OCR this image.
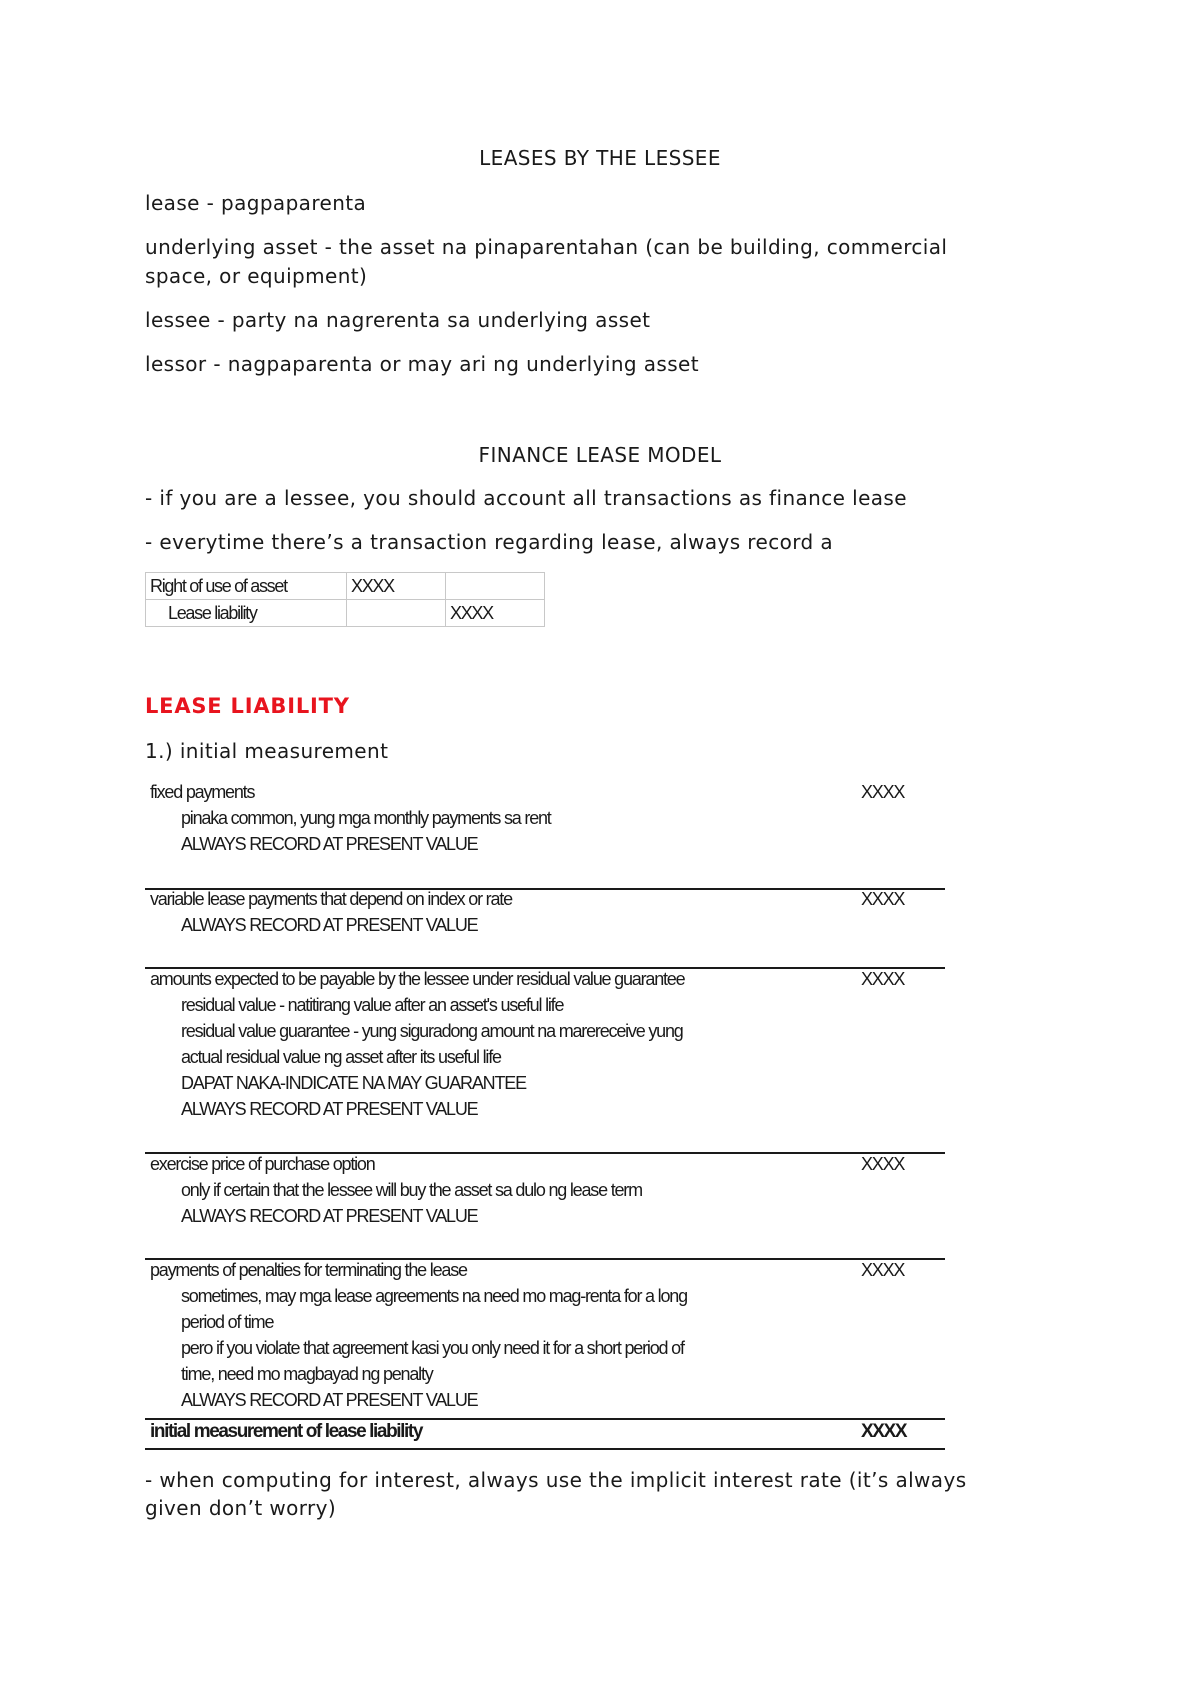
LEASES BY THE LESSEE
lease - pagpaparenta
underlying asset - the asset na pinaparentahan (can be building, commercial
space, or equipment)
lessee - party na nagrerenta sa underlying asset
lessor - nagpaparenta or may ari ng underlying asset
FINANCE LEASE MODEL
- if you are a lessee, you should account all transactions as finance lease
- everytime there’s a transaction regarding lease, always record a
Right of use of asset	XXXX	
Lease liability		XXXX
LEASE LIABILITY
1.) initial measurement
fixed payments	XXXX
pinaka common, yung mga monthly payments sa rent
ALWAYS RECORD AT PRESENT VALUE
variable lease payments that depend on index or rate	XXXX
ALWAYS RECORD AT PRESENT VALUE
amounts expected to be payable by the lessee under residual value guarantee	XXXX
residual value - natitirang value after an asset's useful life
residual value guarantee - yung siguradong amount na marereceive yung
actual residual value ng asset after its useful life
DAPAT NAKA-INDICATE NA MAY GUARANTEE
ALWAYS RECORD AT PRESENT VALUE
exercise price of purchase option	XXXX
only if certain that the lessee will buy the asset sa dulo ng lease term
ALWAYS RECORD AT PRESENT VALUE
payments of penalties for terminating the lease	XXXX
sometimes, may mga lease agreements na need mo mag-renta for a long
period of time
pero if you violate that agreement kasi you only need it for a short period of
time, need mo magbayad ng penalty
ALWAYS RECORD AT PRESENT VALUE
initial measurement of lease liability	XXXX
- when computing for interest, always use the implicit interest rate (it’s always
given don’t worry)
